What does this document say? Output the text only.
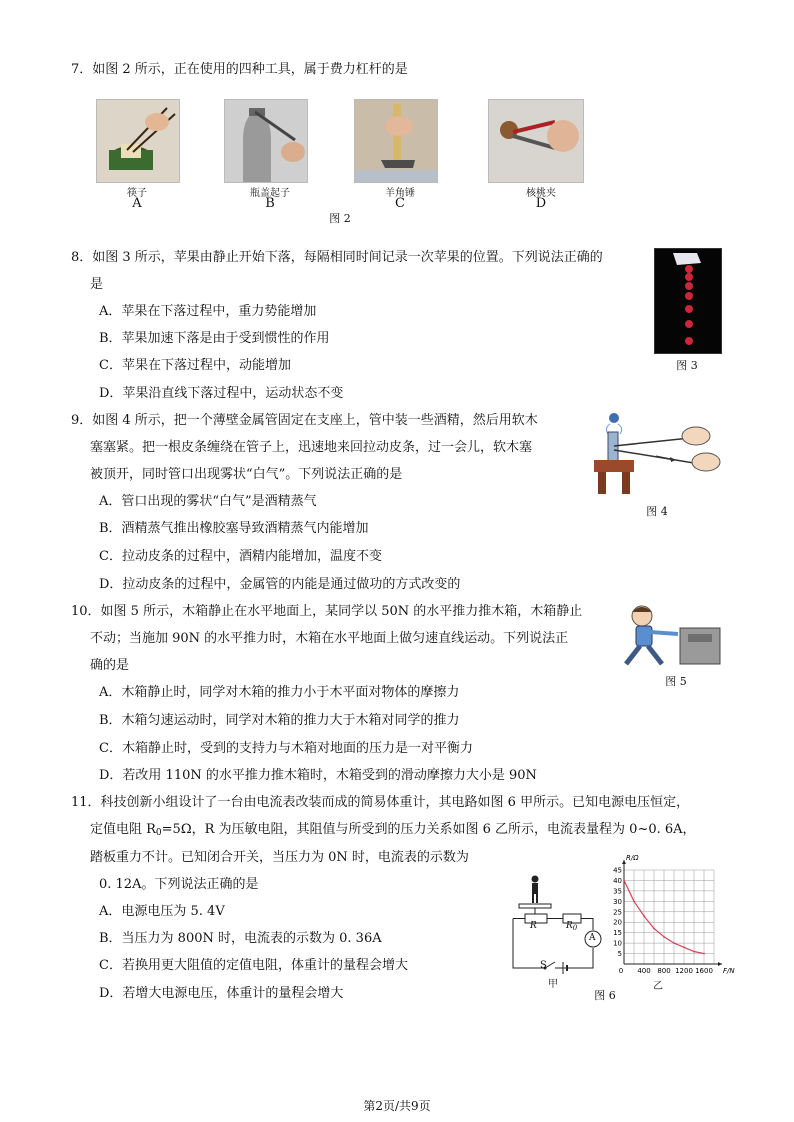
7．如图 2 所示，正在使用的四种工具，属于费力杠杆的是
筷子
A
瓶盖起子
B
羊角锤
C
核桃夹
D
图 2
8．如图 3 所示，苹果由静止开始下落，每隔相同时间记录一次苹果的位置。下列说法正确的
是
A．苹果在下落过程中，重力势能增加
B．苹果加速下落是由于受到惯性的作用
C．苹果在下落过程中，动能增加
D．苹果沿直线下落过程中，运动状态不变
图 3
9．如图 4 所示，把一个薄壁金属管固定在支座上，管中装一些酒精，然后用软木
塞塞紧。把一根皮条缠绕在管子上，迅速地来回拉动皮条，过一会儿，软木塞
被顶开，同时管口出现雾状“白气”。下列说法正确的是
A．管口出现的雾状“白气”是酒精蒸气
B．酒精蒸气推出橡胶塞导致酒精蒸气内能增加
C．拉动皮条的过程中，酒精内能增加，温度不变
D．拉动皮条的过程中，金属管的内能是通过做功的方式改变的
图 4
10．如图 5 所示，木箱静止在水平地面上，某同学以 50N 的水平推力推木箱，木箱静止
不动；当施加 90N 的水平推力时，木箱在水平地面上做匀速直线运动。下列说法正
确的是
A．木箱静止时，同学对木箱的推力小于木平面对物体的摩擦力
B．木箱匀速运动时，同学对木箱的推力大于木箱对同学的推力
C．木箱静止时，受到的支持力与木箱对地面的压力是一对平衡力
D．若改用 110N 的水平推力推木箱时，木箱受到的滑动摩擦力大小是 90N
图 5
11．科技创新小组设计了一台由电流表改装而成的简易体重计，其电路如图 6 甲所示。已知电源电压恒定，
定值电阻 $R_0=5\Omega$，R 为压敏电阻，其阻值与所受到的压力关系如图 6 乙所示，电流表量程为 0~0. 6A，
踏板重力不计。已知闭合开关，当压力为 0N 时，电流表的示数为
0. 12A。下列说法正确的是
A．电源电压为 5. 4V
B．当压力为 800N 时，电流表的示数为 0. 36A
C．若换用更大阻值的定值电阻，体重计的量程会增大
D．若增大电源电压，体重计的量程会增大
R	$R_0$
A
S
甲
5
10
15
20
25
30
35
40
45
0 400 800 1200 1600
R/Ω
F/N
乙
图 6
第2页/共9页
